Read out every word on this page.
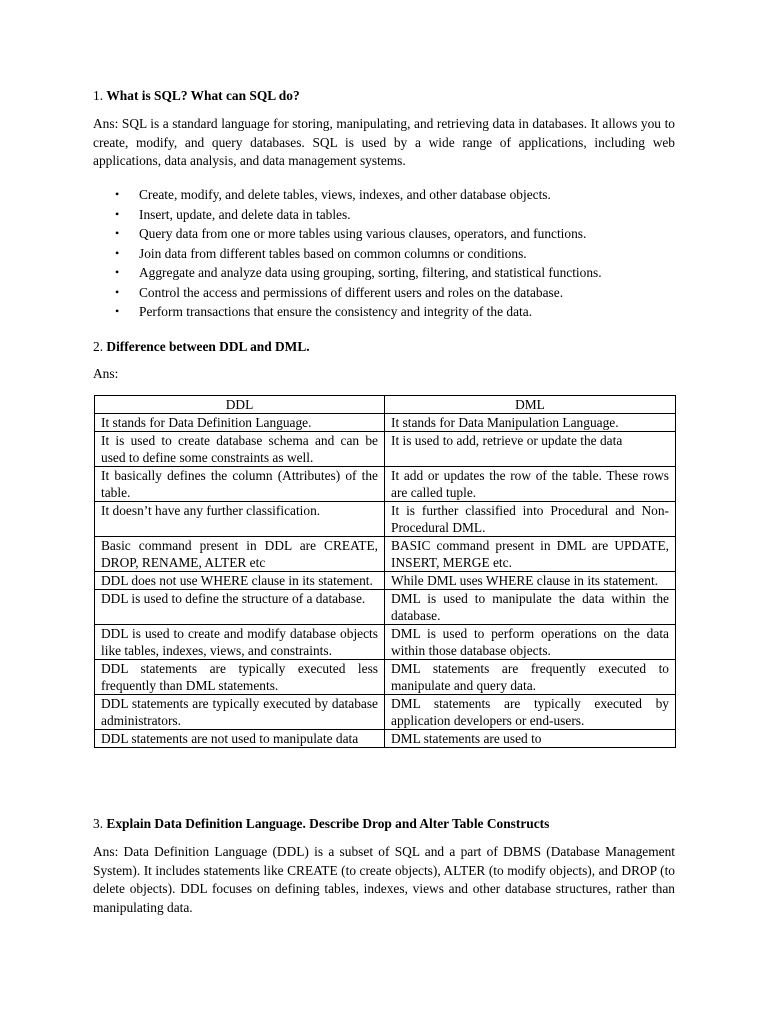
1. What is SQL? What can SQL do?
Ans: SQL is a standard language for storing, manipulating, and retrieving data in databases. It allows you to create, modify, and query databases. SQL is used by a wide range of applications, including web applications, data analysis, and data management systems.
• Create, modify, and delete tables, views, indexes, and other database objects.
• Insert, update, and delete data in tables.
• Query data from one or more tables using various clauses, operators, and functions.
• Join data from different tables based on common columns or conditions.
• Aggregate and analyze data using grouping, sorting, filtering, and statistical functions.
• Control the access and permissions of different users and roles on the database.
• Perform transactions that ensure the consistency and integrity of the data.
2. Difference between DDL and DML.
Ans:
DDL	DML
It stands for Data Definition Language.	It stands for Data Manipulation Language.
It is used to create database schema and can be used to define some constraints as well.	It is used to add, retrieve or update the data
It basically defines the column (Attributes) of the table.	It add or updates the row of the table. These rows are called tuple.
It doesn’t have any further classification.	It is further classified into Procedural and Non-Procedural DML.
Basic command present in DDL are CREATE, DROP, RENAME, ALTER etc	BASIC command present in DML are UPDATE, INSERT, MERGE etc.
DDL does not use WHERE clause in its statement.	While DML uses WHERE clause in its statement.
DDL is used to define the structure of a database.	DML is used to manipulate the data within the database.
DDL is used to create and modify database objects like tables, indexes, views, and constraints.	DML is used to perform operations on the data within those database objects.
DDL statements are typically executed less frequently than DML statements.	DML statements are frequently executed to manipulate and query data.
DDL statements are typically executed by database administrators.	DML statements are typically executed by application developers or end-users.
DDL statements are not used to manipulate data	DML statements are used to
3. Explain Data Definition Language. Describe Drop and Alter Table Constructs
Ans: Data Definition Language (DDL) is a subset of SQL and a part of DBMS (Database Management System). It includes statements like CREATE (to create objects), ALTER (to modify objects), and DROP (to delete objects). DDL focuses on defining tables, indexes, views and other database structures, rather than manipulating data.
